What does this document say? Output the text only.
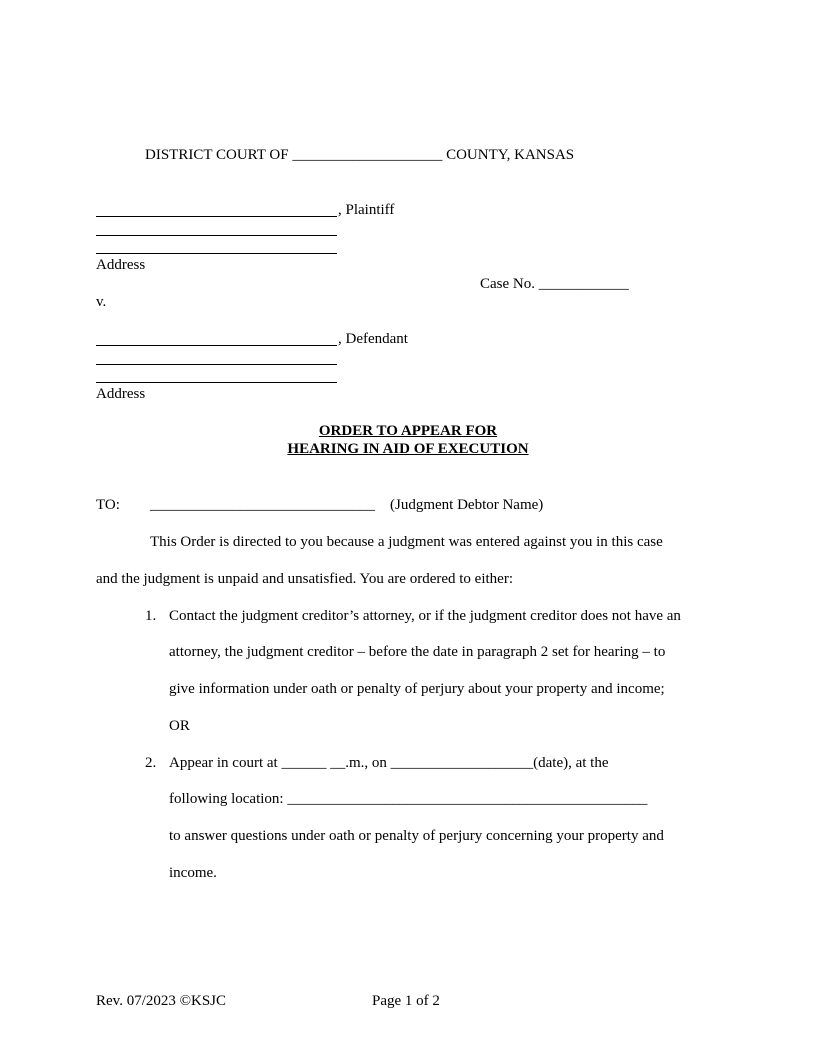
DISTRICT COURT OF ____________________ COUNTY, KANSAS
, Plaintiff
Address
Case No. ____________
v.
, Defendant
Address
ORDER TO APPEAR FOR
HEARING IN AID OF EXECUTION
TO: ______________________________ (Judgment Debtor Name)
This Order is directed to you because a judgment was entered against you in this case
and the judgment is unpaid and unsatisfied. You are ordered to either:
1. Contact the judgment creditor’s attorney, or if the judgment creditor does not have an
attorney, the judgment creditor – before the date in paragraph 2 set for hearing – to
give information under oath or penalty of perjury about your property and income;
OR
2. Appear in court at ______ __.m., on ___________________(date), at the
following location: ________________________________________________
to answer questions under oath or penalty of perjury concerning your property and
income.
Rev. 07/2023 ©KSJC	Page 1 of 2
